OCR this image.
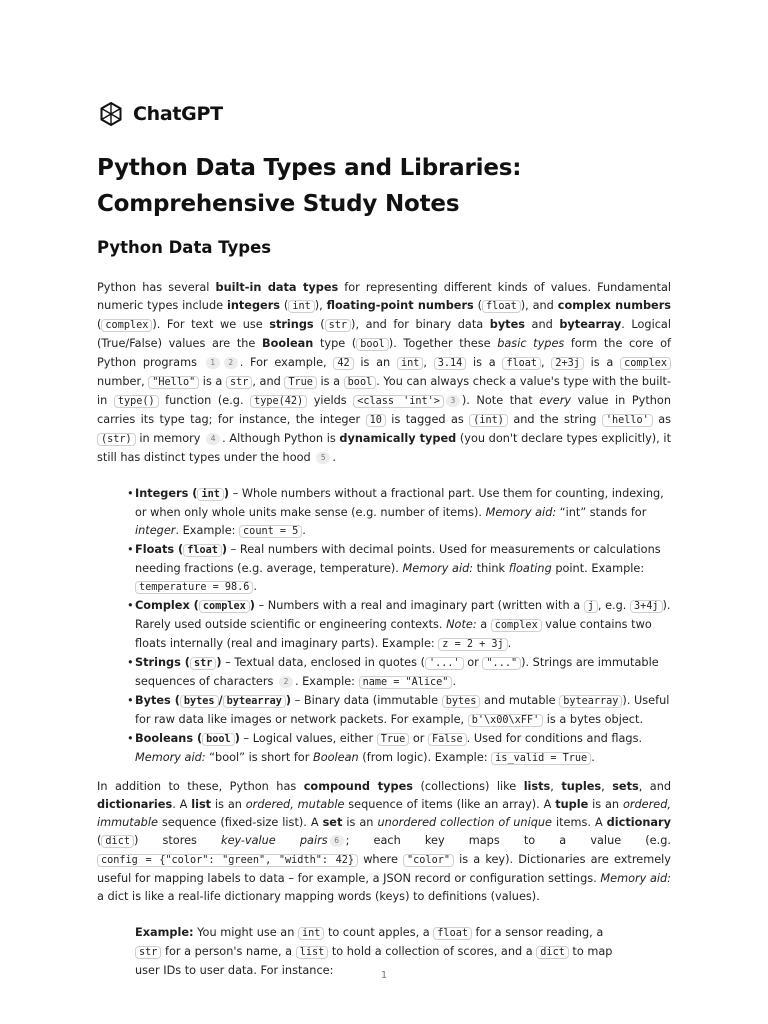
ChatGPT
Python Data Types and Libraries: Comprehensive Study Notes
Python Data Types

Python has several built-in data types for representing different kinds of values. Fundamental numeric types include integers ( int ), floating-point numbers ( float ), and complex numbers ( complex ). For text we use strings ( str ), and for binary data bytes and bytearray. Logical (True/False) values are the Boolean type ( bool ). Together these basic types form the core of Python programs 1 2 . For example, 42 is an int , 3.14 is a float , 2+3j is a complex number, "Hello" is a str , and True is a bool . You can always check a value's type with the built-in type() function (e.g. type(42) yields <class 'int'> 3 ). Note that every value in Python carries its type tag; for instance, the integer 10 is tagged as (int) and the string 'hello' as (str) in memory 4 . Although Python is dynamically typed (you don't declare types explicitly), it still has distinct types under the hood 5 .

• Integers ( int ) – Whole numbers without a fractional part. Use them for counting, indexing, or when only whole units make sense (e.g. number of items). Memory aid: “int” stands for integer. Example: count = 5 .
• Floats ( float ) – Real numbers with decimal points. Used for measurements or calculations needing fractions (e.g. average, temperature). Memory aid: think floating point. Example: temperature = 98.6 .
• Complex ( complex ) – Numbers with a real and imaginary part (written with a j , e.g. 3+4j ). Rarely used outside scientific or engineering contexts. Note: a complex value contains two floats internally (real and imaginary parts). Example: z = 2 + 3j .
• Strings ( str ) – Textual data, enclosed in quotes ( '...' or "..." ). Strings are immutable sequences of characters 2 . Example: name = "Alice" .
• Bytes ( bytes / bytearray ) – Binary data (immutable bytes and mutable bytearray ). Useful for raw data like images or network packets. For example, b'\x00\xFF' is a bytes object.
• Booleans ( bool ) – Logical values, either True or False . Used for conditions and flags. Memory aid: “bool” is short for Boolean (from logic). Example: is_valid = True .

In addition to these, Python has compound types (collections) like lists, tuples, sets, and dictionaries. A list is an ordered, mutable sequence of items (like an array). A tuple is an ordered, immutable sequence (fixed-size list). A set is an unordered collection of unique items. A dictionary ( dict ) stores key-value pairs 6 ; each key maps to a value (e.g. config = {"color": "green", "width": 42} where "color" is a key). Dictionaries are extremely useful for mapping labels to data – for example, a JSON record or configuration settings. Memory aid: a dict is like a real-life dictionary mapping words (keys) to definitions (values).

Example: You might use an int to count apples, a float for a sensor reading, a str for a person's name, a list to hold a collection of scores, and a dict to map user IDs to user data. For instance:	1
